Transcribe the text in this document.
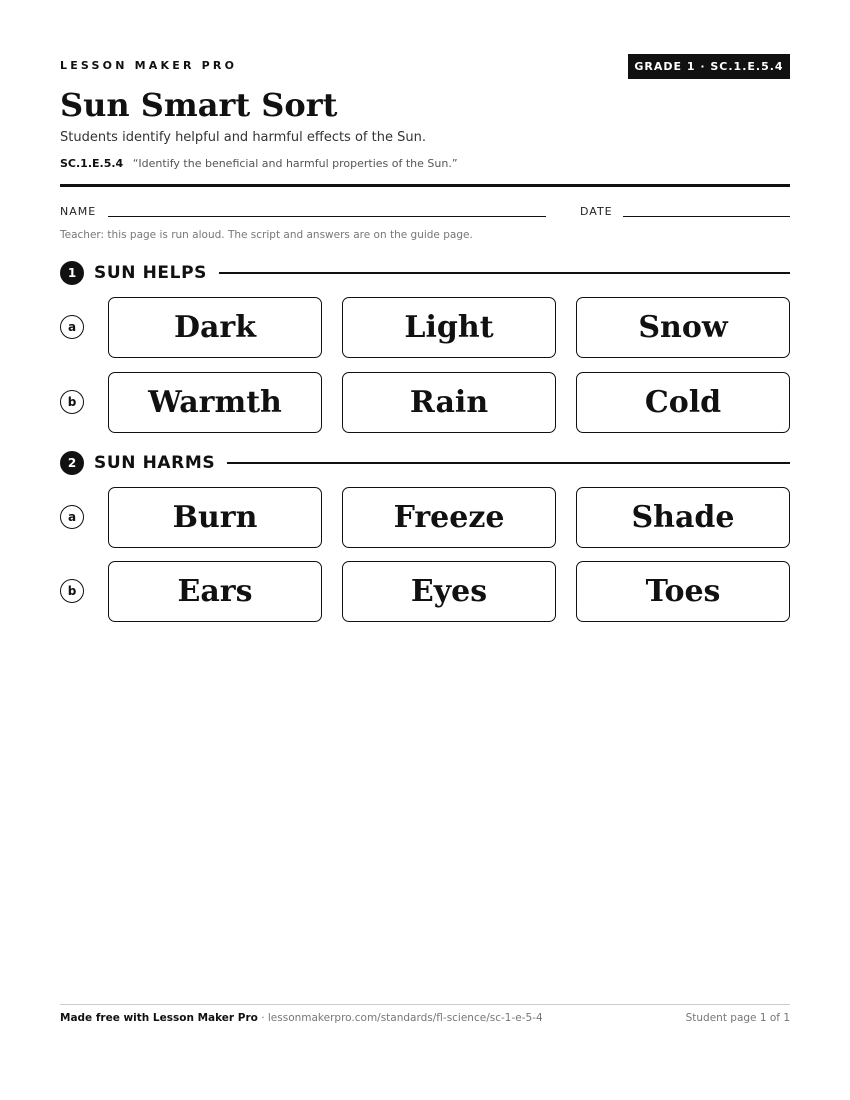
LESSON MAKER PRO	GRADE 1 · SC.1.E.5.4
Sun Smart Sort
Students identify helpful and harmful effects of the Sun.
SC.1.E.5.4 “Identify the beneficial and harmful properties of the Sun.”
NAME	DATE
Teacher: this page is run aloud. The script and answers are on the guide page.
1	SUN HELPS
a	Dark	Light	Snow
b	Warmth	Rain	Cold
2	SUN HARMS
a	Burn	Freeze	Shade
b	Ears	Eyes	Toes
Made free with Lesson Maker Pro · lessonmakerpro.com/standards/fl-science/sc-1-e-5-4	Student page 1 of 1
